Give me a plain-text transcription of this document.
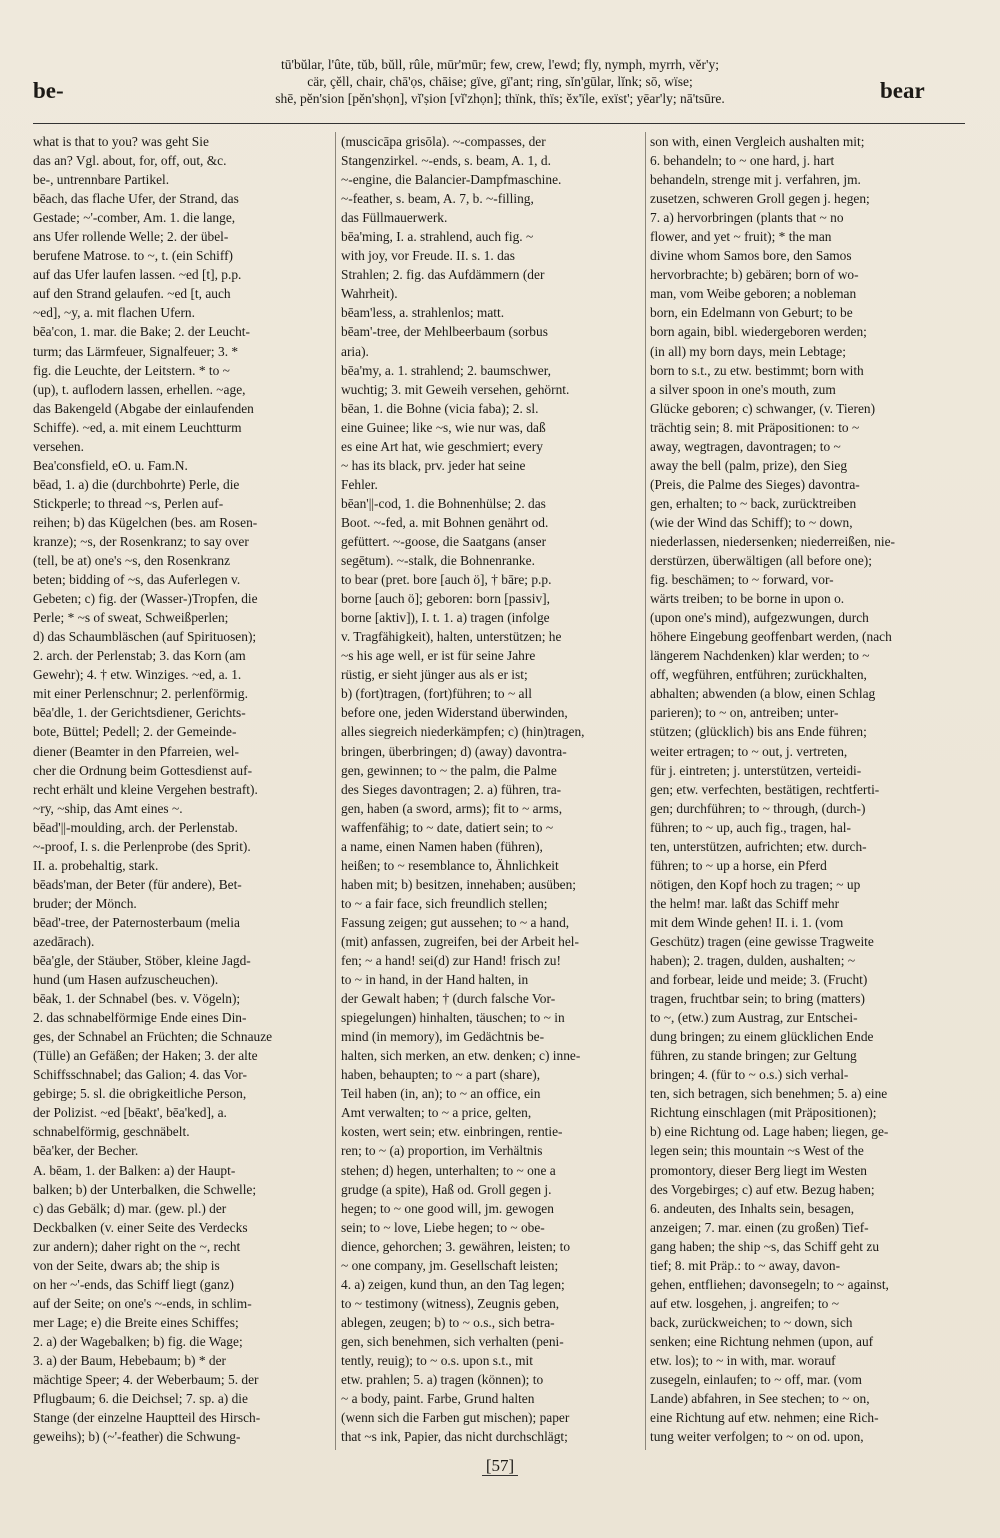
be-
tū'bŭlar, l'ûte, tŭb, bŭll, rûle, mūr'mūr; few, crew, l'ewd; fly, nymph, myrrh, vĕr'y;
cär, çĕll, chair, chā'ọs, chāise; gïve, gï'ant; ring, sĭn'gūlar, lĭnk; sō, wïse;
shē, pĕn'sion [pĕn'shọn], vĭ'ṣion [vĭ'zhọn]; thïnk, thïs; ĕx'ïle, exïst'; yēar'ly; nā'tsūre.	bear
what is that to you? was geht Sie
das an? Vgl. about, for, off, out, &c.
be-, untrennbare Partikel.
bēach, das flache Ufer, der Strand, das
Gestade; ~'-comber, Am. 1. die lange,
ans Ufer rollende Welle; 2. der übel-
berufene Matrose. to ~, t. (ein Schiff)
auf das Ufer laufen lassen. ~ed [t], p.p.
auf den Strand gelaufen. ~ed [t, auch
~ed], ~y, a. mit flachen Ufern.
bēa'con, 1. mar. die Bake; 2. der Leucht-
turm; das Lärmfeuer, Signalfeuer; 3. *
fig. die Leuchte, der Leitstern. * to ~
(up), t. auflodern lassen, erhellen. ~age,
das Bakengeld (Abgabe der einlaufenden
Schiffe). ~ed, a. mit einem Leuchtturm
versehen.
Bea'consfield, eO. u. Fam.N.
bēad, 1. a) die (durchbohrte) Perle, die
Stickperle; to thread ~s, Perlen auf-
reihen; b) das Kügelchen (bes. am Rosen-
kranze); ~s, der Rosenkranz; to say over
(tell, be at) one's ~s, den Rosenkranz
beten; bidding of ~s, das Auferlegen v.
Gebeten; c) fig. der (Wasser-)Tropfen, die
Perle; * ~s of sweat, Schweißperlen;
d) das Schaumbläschen (auf Spirituosen);
2. arch. der Perlenstab; 3. das Korn (am
Gewehr); 4. † etw. Winziges. ~ed, a. 1.
mit einer Perlenschnur; 2. perlenförmig.
bēa'dle, 1. der Gerichtsdiener, Gerichts-
bote, Büttel; Pedell; 2. der Gemeinde-
diener (Beamter in den Pfarreien, wel-
cher die Ordnung beim Gottesdienst auf-
recht erhält und kleine Vergehen bestraft).
~ry, ~ship, das Amt eines ~.
bēad'||-moulding, arch. der Perlenstab.
~-proof, I. s. die Perlenprobe (des Sprit).
II. a. probehaltig, stark.
bēads'man, der Beter (für andere), Bet-
bruder; der Mönch.
bēad'-tree, der Paternosterbaum (melia
azedārach).
bēa'gle, der Stäuber, Stöber, kleine Jagd-
hund (um Hasen aufzuscheuchen).
bēak, 1. der Schnabel (bes. v. Vögeln);
2. das schnabelförmige Ende eines Din-
ges, der Schnabel an Früchten; die Schnauze
(Tülle) an Gefäßen; der Haken; 3. der alte
Schiffsschnabel; das Galion; 4. das Vor-
gebirge; 5. sl. die obrigkeitliche Person,
der Polizist. ~ed [bēakt', bēa'ked], a.
schnabelförmig, geschnäbelt.
bēa'ker, der Becher.
A. bēam, 1. der Balken: a) der Haupt-
balken; b) der Unterbalken, die Schwelle;
c) das Gebälk; d) mar. (gew. pl.) der
Deckbalken (v. einer Seite des Verdecks
zur andern); daher right on the ~, recht
von der Seite, dwars ab; the ship is
on her ~'-ends, das Schiff liegt (ganz)
auf der Seite; on one's ~-ends, in schlim-
mer Lage; e) die Breite eines Schiffes;
2. a) der Wagebalken; b) fig. die Wage;
3. a) der Baum, Hebebaum; b) * der
mächtige Speer; 4. der Weberbaum; 5. der
Pflugbaum; 6. die Deichsel; 7. sp. a) die
Stange (der einzelne Hauptteil des Hirsch-
geweihs); b) (~'-feather) die Schwung-
(muscicāpa grisōla). ~-compasses, der
Stangenzirkel. ~-ends, s. beam, A. 1, d.
~-engine, die Balancier-Dampfmaschine.
~-feather, s. beam, A. 7, b. ~-filling,
das Füllmauerwerk.
bēa'ming, I. a. strahlend, auch fig. ~
with joy, vor Freude. II. s. 1. das
Strahlen; 2. fig. das Aufdämmern (der
Wahrheit).
bēam'less, a. strahlenlos; matt.
bēam'-tree, der Mehlbeerbaum (sorbus
aria).
bēa'my, a. 1. strahlend; 2. baumschwer,
wuchtig; 3. mit Geweih versehen, gehörnt.
bēan, 1. die Bohne (vicia faba); 2. sl.
eine Guinee; like ~s, wie nur was, daß
es eine Art hat, wie geschmiert; every
~ has its black, prv. jeder hat seine
Fehler.
bēan'||-cod, 1. die Bohnenhülse; 2. das
Boot. ~-fed, a. mit Bohnen genährt od.
gefüttert. ~-goose, die Saatgans (anser
segētum). ~-stalk, die Bohnenranke.
to bear (pret. bore [auch ö], † bāre; p.p.
borne [auch ö]; geboren: born [passiv],
borne [aktiv]), I. t. 1. a) tragen (infolge
v. Tragfähigkeit), halten, unterstützen; he
~s his age well, er ist für seine Jahre
rüstig, er sieht jünger aus als er ist;
b) (fort)tragen, (fort)führen; to ~ all
before one, jeden Widerstand überwinden,
alles siegreich niederkämpfen; c) (hin)tragen,
bringen, überbringen; d) (away) davontra-
gen, gewinnen; to ~ the palm, die Palme
des Sieges davontragen; 2. a) führen, tra-
gen, haben (a sword, arms); fit to ~ arms,
waffenfähig; to ~ date, datiert sein; to ~
a name, einen Namen haben (führen),
heißen; to ~ resemblance to, Ähnlichkeit
haben mit; b) besitzen, innehaben; ausüben;
to ~ a fair face, sich freundlich stellen;
Fassung zeigen; gut aussehen; to ~ a hand,
(mit) anfassen, zugreifen, bei der Arbeit hel-
fen; ~ a hand! sei(d) zur Hand! frisch zu!
to ~ in hand, in der Hand halten, in
der Gewalt haben; † (durch falsche Vor-
spiegelungen) hinhalten, täuschen; to ~ in
mind (in memory), im Gedächtnis be-
halten, sich merken, an etw. denken; c) inne-
haben, behaupten; to ~ a part (share),
Teil haben (in, an); to ~ an office, ein
Amt verwalten; to ~ a price, gelten,
kosten, wert sein; etw. einbringen, rentie-
ren; to ~ (a) proportion, im Verhältnis
stehen; d) hegen, unterhalten; to ~ one a
grudge (a spite), Haß od. Groll gegen j.
hegen; to ~ one good will, jm. gewogen
sein; to ~ love, Liebe hegen; to ~ obe-
dience, gehorchen; 3. gewähren, leisten; to
~ one company, jm. Gesellschaft leisten;
4. a) zeigen, kund thun, an den Tag legen;
to ~ testimony (witness), Zeugnis geben,
ablegen, zeugen; b) to ~ o.s., sich betra-
gen, sich benehmen, sich verhalten (peni-
tently, reuig); to ~ o.s. upon s.t., mit
etw. prahlen; 5. a) tragen (können); to
~ a body, paint. Farbe, Grund halten
(wenn sich die Farben gut mischen); paper
that ~s ink, Papier, das nicht durchschlägt;
son with, einen Vergleich aushalten mit;
6. behandeln; to ~ one hard, j. hart
behandeln, strenge mit j. verfahren, jm.
zusetzen, schweren Groll gegen j. hegen;
7. a) hervorbringen (plants that ~ no
flower, and yet ~ fruit); * the man
divine whom Samos bore, den Samos
hervorbrachte; b) gebären; born of wo-
man, vom Weibe geboren; a nobleman
born, ein Edelmann von Geburt; to be
born again, bibl. wiedergeboren werden;
(in all) my born days, mein Lebtage;
born to s.t., zu etw. bestimmt; born with
a silver spoon in one's mouth, zum
Glücke geboren; c) schwanger, (v. Tieren)
trächtig sein; 8. mit Präpositionen: to ~
away, wegtragen, davontragen; to ~
away the bell (palm, prize), den Sieg
(Preis, die Palme des Sieges) davontra-
gen, erhalten; to ~ back, zurücktreiben
(wie der Wind das Schiff); to ~ down,
niederlassen, niedersenken; niederreißen, nie-
derstürzen, überwältigen (all before one);
fig. beschämen; to ~ forward, vor-
wärts treiben; to be borne in upon o.
(upon one's mind), aufgezwungen, durch
höhere Eingebung geoffenbart werden, (nach
längerem Nachdenken) klar werden; to ~
off, wegführen, entführen; zurückhalten,
abhalten; abwenden (a blow, einen Schlag
parieren); to ~ on, antreiben; unter-
stützen; (glücklich) bis ans Ende führen;
weiter ertragen; to ~ out, j. vertreten,
für j. eintreten; j. unterstützen, verteidi-
gen; etw. verfechten, bestätigen, rechtferti-
gen; durchführen; to ~ through, (durch-)
führen; to ~ up, auch fig., tragen, hal-
ten, unterstützen, aufrichten; etw. durch-
führen; to ~ up a horse, ein Pferd
nötigen, den Kopf hoch zu tragen; ~ up
the helm! mar. laßt das Schiff mehr
mit dem Winde gehen! II. i. 1. (vom
Geschütz) tragen (eine gewisse Tragweite
haben); 2. tragen, dulden, aushalten; ~
and forbear, leide und meide; 3. (Frucht)
tragen, fruchtbar sein; to bring (matters)
to ~, (etw.) zum Austrag, zur Entschei-
dung bringen; zu einem glücklichen Ende
führen, zu stande bringen; zur Geltung
bringen; 4. (für to ~ o.s.) sich verhal-
ten, sich betragen, sich benehmen; 5. a) eine
Richtung einschlagen (mit Präpositionen);
b) eine Richtung od. Lage haben; liegen, ge-
legen sein; this mountain ~s West of the
promontory, dieser Berg liegt im Westen
des Vorgebirges; c) auf etw. Bezug haben;
6. andeuten, des Inhalts sein, besagen,
anzeigen; 7. mar. einen (zu großen) Tief-
gang haben; the ship ~s, das Schiff geht zu
tief; 8. mit Präp.: to ~ away, davon-
gehen, entfliehen; davonsegeln; to ~ against,
auf etw. losgehen, j. angreifen; to ~
back, zurückweichen; to ~ down, sich
senken; eine Richtung nehmen (upon, auf
etw. los); to ~ in with, mar. worauf
zusegeln, einlaufen; to ~ off, mar. (vom
Lande) abfahren, in See stechen; to ~ on,
eine Richtung auf etw. nehmen; eine Rich-
tung weiter verfolgen; to ~ on od. upon,
[57]
